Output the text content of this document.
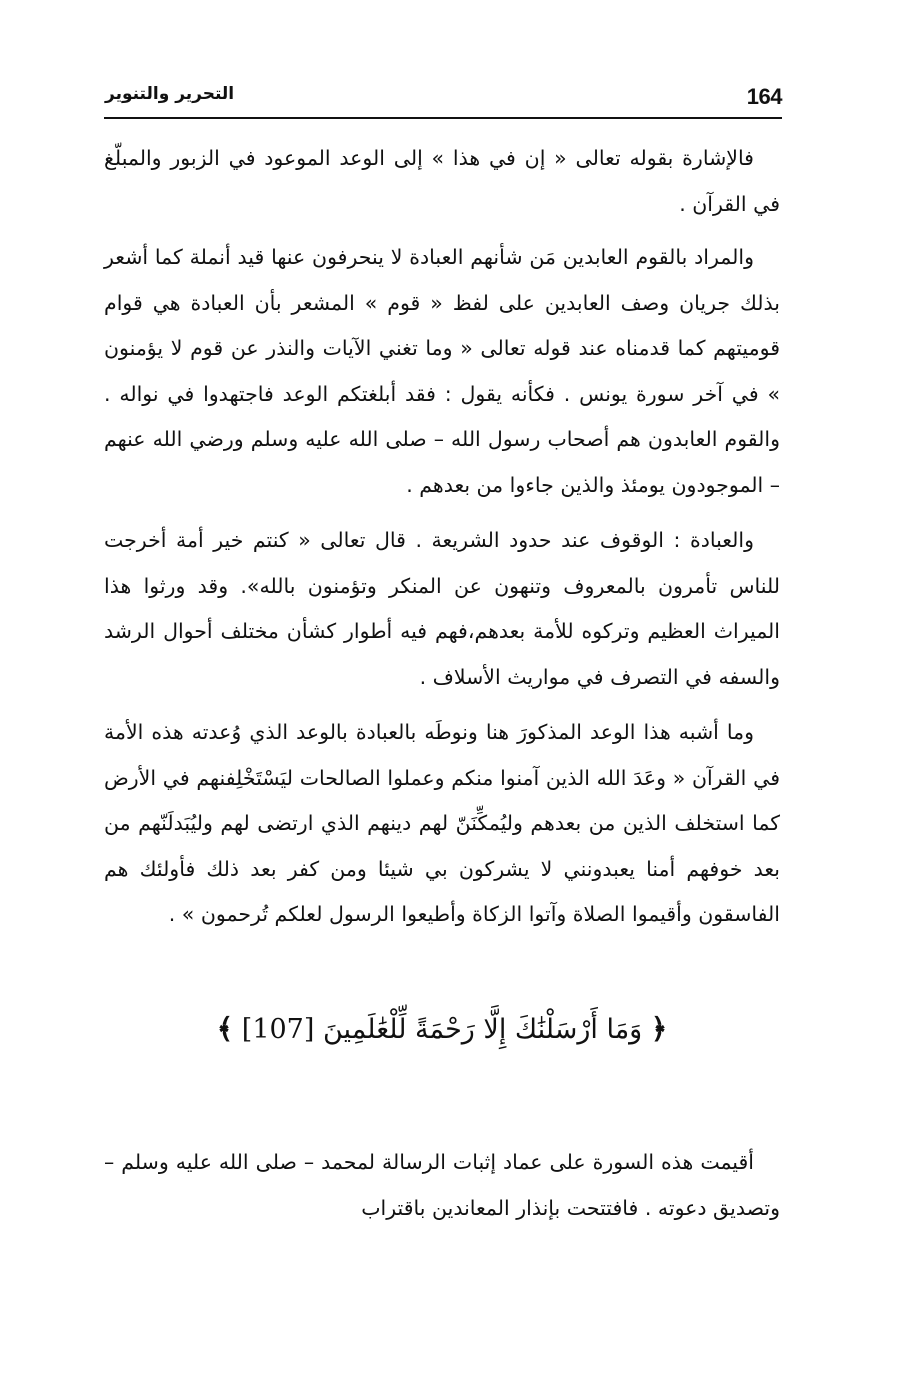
164
التحرير والتنوير

فالإشارة بقوله تعالى « إن في هذا » إلى الوعد الموعود في الزبور والمبلّغ في القرآن .

والمراد بالقوم العابدين مَن شأنهم العبادة لا ينحرفون عنها قيد أنملة كما أشعر بذلك جريان وصف العابدين على لفظ « قوم » المشعر بأن العبادة هي قوام قوميتهم كما قدمناه عند قوله تعالى « وما تغني الآيات والنذر عن قوم لا يؤمنون » في آخر سورة يونس . فكأنه يقول : فقد أبلغتكم الوعد فاجتهدوا في نواله . والقوم العابدون هم أصحاب رسول الله – صلى الله عليه وسلم ورضي الله عنهم – الموجودون يومئذ والذين جاءوا من بعدهم .

والعبادة : الوقوف عند حدود الشريعة . قال تعالى « كنتم خير أمة أخرجت للناس تأمرون بالمعروف وتنهون عن المنكر وتؤمنون بالله». وقد ورثوا هذا الميراث العظيم وتركوه للأمة بعدهم،فهم فيه أطوار كشأن مختلف أحوال الرشد والسفه في التصرف في مواريث الأسلاف .

وما أشبه هذا الوعد المذكورَ هنا ونوطَه بالعبادة بالوعد الذي وُعدته هذه الأمة في القرآن « وعَدَ الله الذين آمنوا منكم وعملوا الصالحات ليَسْتَخْلِفنهم في الأرض كما استخلف الذين من بعدهم وليُمكِّنَنّ لهم دينهم الذي ارتضى لهم وليُبَدلَنّهم من بعد خوفهم أمنا يعبدونني لا يشركون بي شيئا ومن كفر بعد ذلك فأولئك هم الفاسقون وأقيموا الصلاة وآتوا الزكاة وأطيعوا الرسول لعلكم تُرحمون » .

﴿ وَمَا أَرْسَلْنَٰكَ إِلَّا رَحْمَةً لِّلْعَٰلَمِينَ [107] ﴾

أقيمت هذه السورة على عماد إثبات الرسالة لمحمد – صلى الله عليه وسلم – وتصديق دعوته . فافتتحت بإنذار المعاندين باقتراب
